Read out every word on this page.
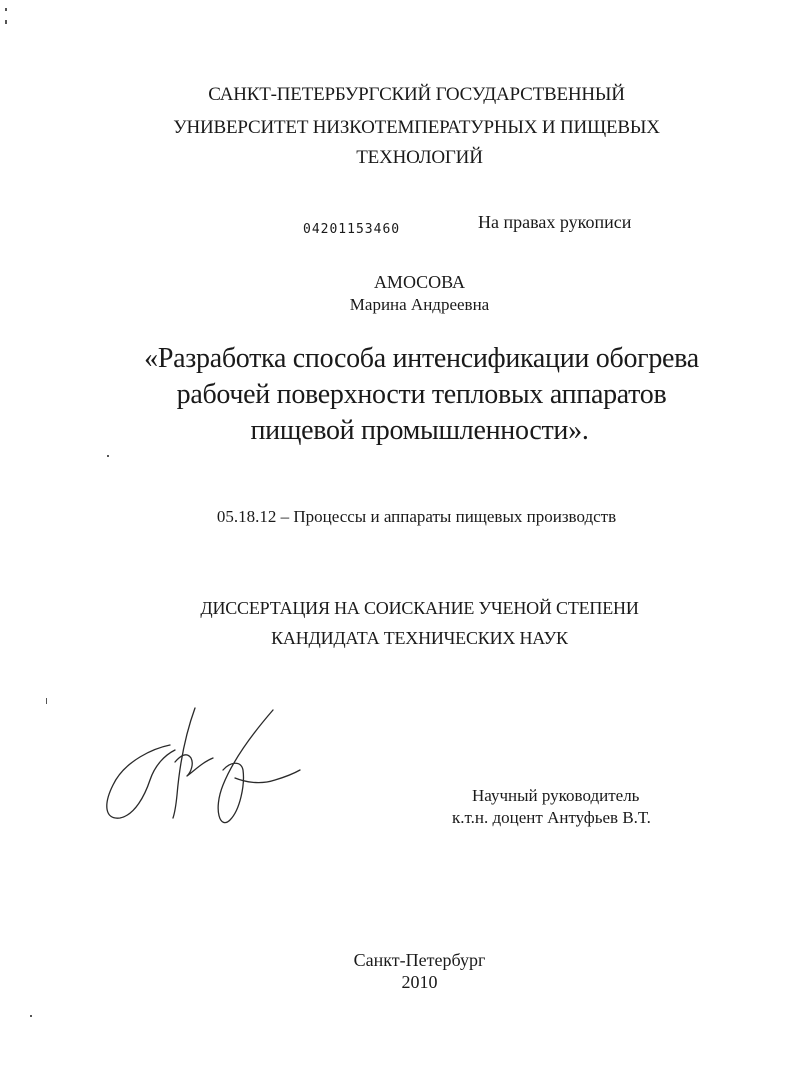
САНКТ-ПЕТЕРБУРГСКИЙ ГОСУДАРСТВЕННЫЙ
УНИВЕРСИТЕТ НИЗКОТЕМПЕРАТУРНЫХ И ПИЩЕВЫХ
ТЕХНОЛОГИЙ
04201153460	На правах рукописи
АМОСОВА
Марина Андреевна
«Разработка способа интенсификации обогрева
рабочей поверхности тепловых аппаратов
пищевой промышленности».
05.18.12 – Процессы и аппараты пищевых производств
ДИССЕРТАЦИЯ НА СОИСКАНИЕ УЧЕНОЙ СТЕПЕНИ
КАНДИДАТА ТЕХНИЧЕСКИХ НАУК
Научный руководитель
к.т.н. доцент Антуфьев В.Т.
Санкт-Петербург
2010
